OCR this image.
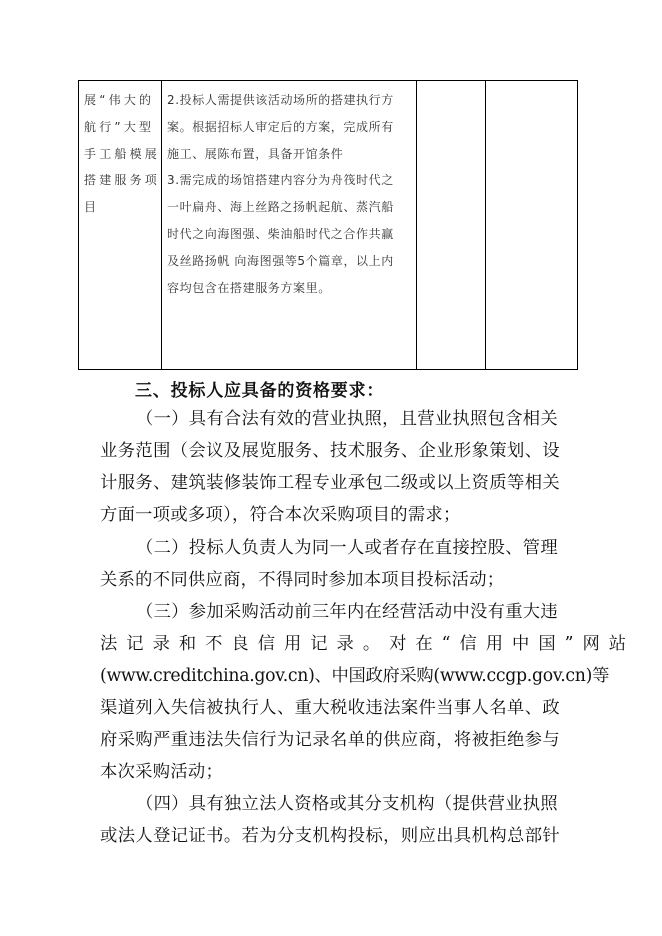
展“伟大的
航行”大型
手工船模展
搭建服务项
目
2.投标人需提供该活动场所的搭建执行方
案。根据招标人审定后的方案，完成所有
施工、展陈布置，具备开馆条件
3.需完成的场馆搭建内容分为舟筏时代之
一叶扁舟、海上丝路之扬帆起航、蒸汽船
时代之向海图强、柴油船时代之合作共赢
及丝路扬帆 向海图强等5个篇章，以上内
容均包含在搭建服务方案里。
三、投标人应具备的资格要求：
（一）具有合法有效的营业执照，且营业执照包含相关
业务范围（会议及展览服务、技术服务、企业形象策划、设
计服务、建筑装修装饰工程专业承包二级或以上资质等相关
方面一项或多项），符合本次采购项目的需求；
（二）投标人负责人为同一人或者存在直接控股、管理
关系的不同供应商，不得同时参加本项目投标活动；
（三）参加采购活动前三年内在经营活动中没有重大违
法记录和不良信用记录。对在“信用中国”网站
(www.creditchina.gov.cn)、中国政府采购(www.ccgp.gov.cn)等
渠道列入失信被执行人、重大税收违法案件当事人名单、政
府采购严重违法失信行为记录名单的供应商，将被拒绝参与
本次采购活动；
（四）具有独立法人资格或其分支机构（提供营业执照
或法人登记证书。若为分支机构投标，则应出具机构总部针
